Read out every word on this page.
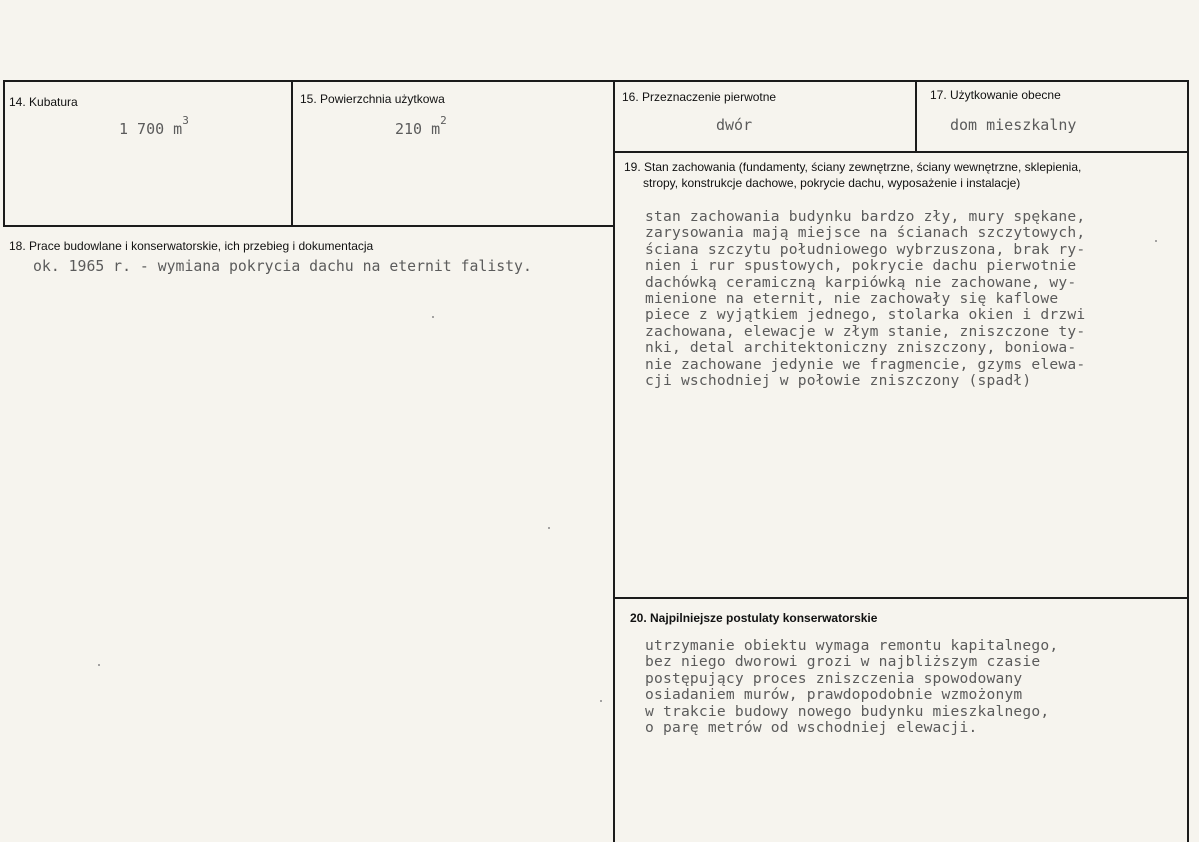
14. Kubatura
1 700 $m^3$
15. Powierzchnia użytkowa
210 $m^2$
16. Przeznaczenie pierwotne
dwór
17. Użytkowanie obecne
dom mieszkalny
18. Prace budowlane i konserwatorskie, ich przebieg i dokumentacja
ok. 1965 r. - wymiana pokrycia dachu na eternit falisty.
19. Stan zachowania (fundamenty, ściany zewnętrzne, ściany wewnętrzne, sklepienia,
stropy, konstrukcje dachowe, pokrycie dachu, wyposażenie i instalacje)
stan zachowania budynku bardzo zły, mury spękane,
zarysowania mają miejsce na ścianach szczytowych,
ściana szczytu południowego wybrzuszona, brak ry-
nien i rur spustowych, pokrycie dachu pierwotnie
dachówką ceramiczną karpiówką nie zachowane, wy-
mienione na eternit, nie zachowały się kaflowe
piece z wyjątkiem jednego, stolarka okien i drzwi
zachowana, elewacje w złym stanie, zniszczone ty-
nki, detal architektoniczny zniszczony, boniowa-
nie zachowane jedynie we fragmencie, gzyms elewa-
cji wschodniej w połowie zniszczony (spadł)
20. Najpilniejsze postulaty konserwatorskie
utrzymanie obiektu wymaga remontu kapitalnego,
bez niego dworowi grozi w najbliższym czasie
postępujący proces zniszczenia spowodowany
osiadaniem murów, prawdopodobnie wzmożonym
w trakcie budowy nowego budynku mieszkalnego,
o parę metrów od wschodniej elewacji.
